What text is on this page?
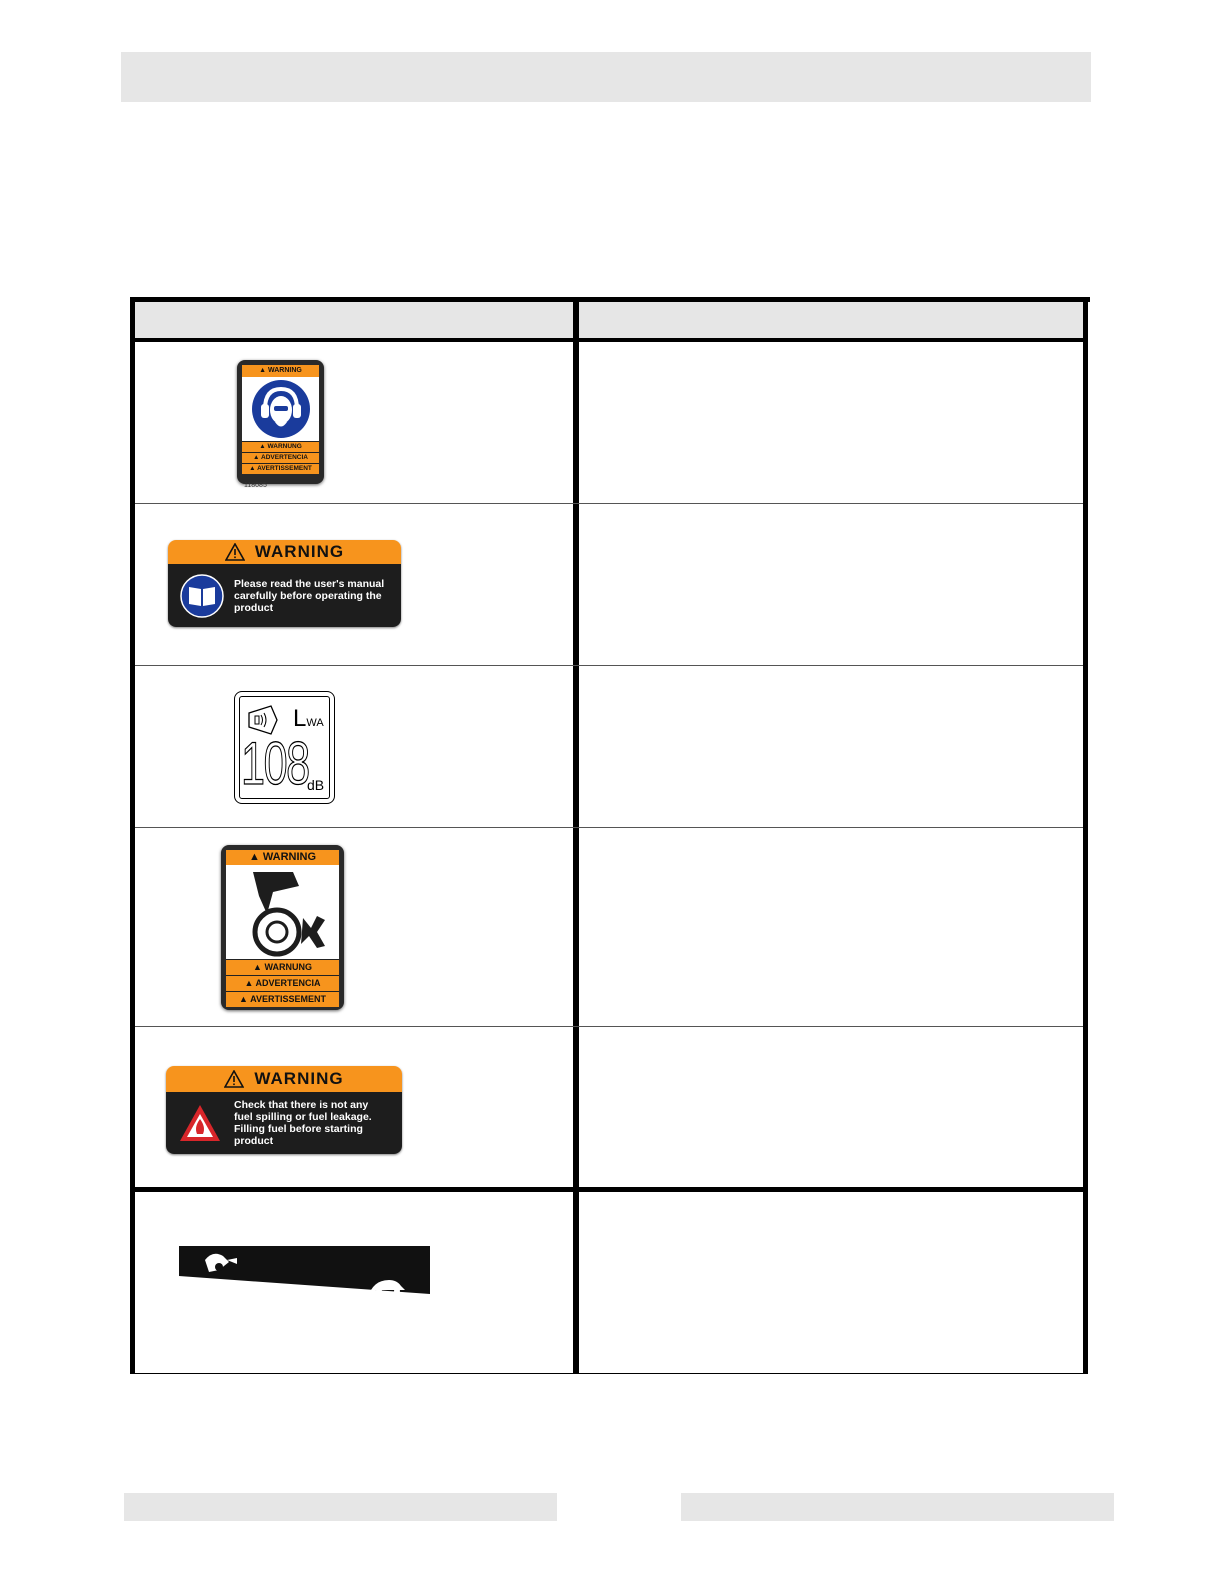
▲ WARNING
▲ WARNUNG
▲ ADVERTENCIA
▲ AVERTISSEMENT
118085
WARNING
Please read the user's manual
carefully before operating the
product
LWA
108
dB
▲ WARNING
▲ WARNUNG
▲ ADVERTENCIA
▲ AVERTISSEMENT
WARNING
Check that there is not any
fuel spilling or fuel leakage.
Filling fuel before starting
product
